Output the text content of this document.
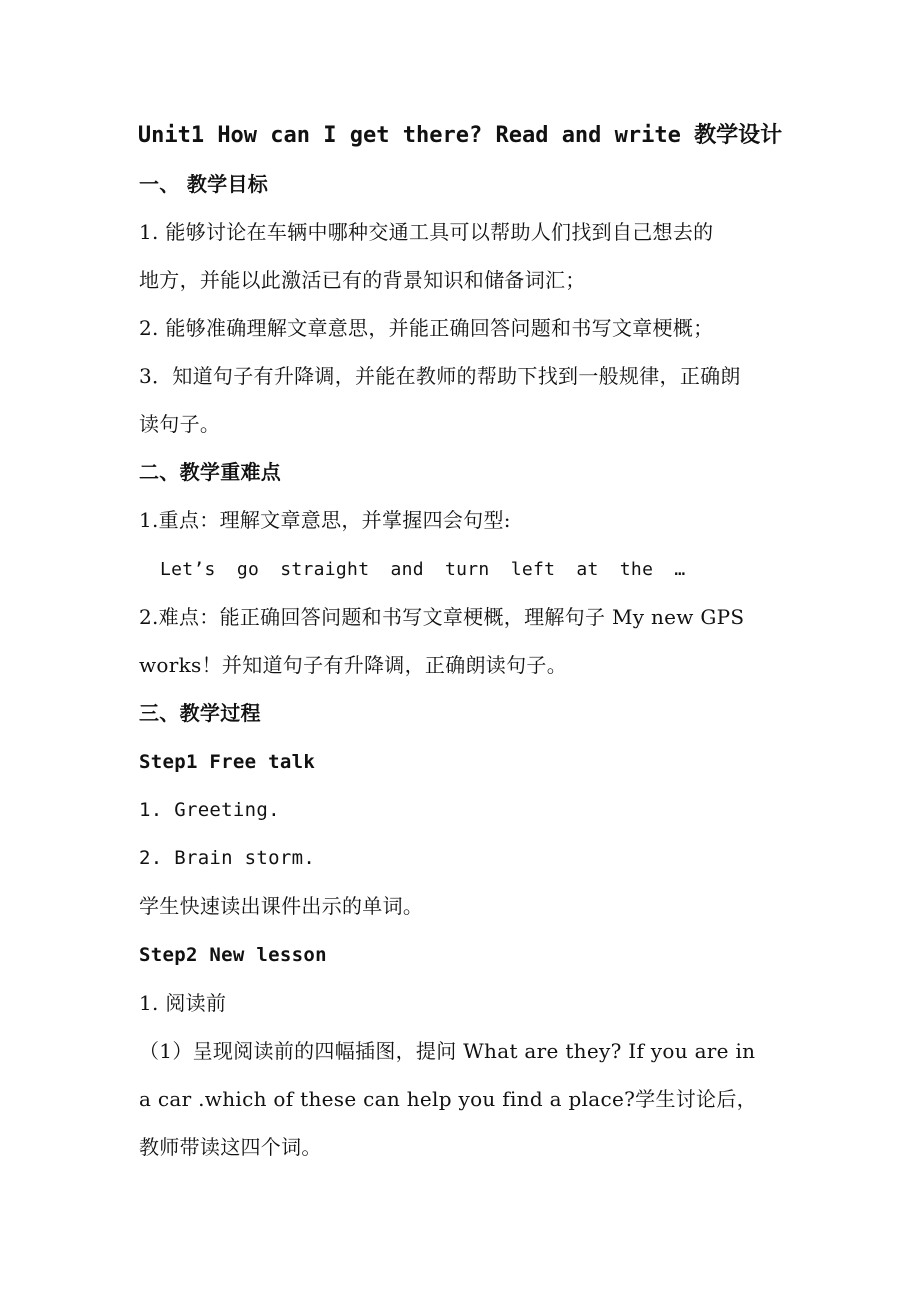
Unit1 How can I get there? Read and write 教学设计
一、 教学目标
1. 能够讨论在车辆中哪种交通工具可以帮助人们找到自己想去的
地方，并能以此激活已有的背景知识和储备词汇；
2. 能够准确理解文章意思，并能正确回答问题和书写文章梗概；
3．知道句子有升降调，并能在教师的帮助下找到一般规律，正确朗
读句子。
二、教学重难点
1.重点：理解文章意思，并掌握四会句型:
Let’s go straight and turn left at the …
2.难点：能正确回答问题和书写文章梗概，理解句子 My new GPS
works！并知道句子有升降调，正确朗读句子。
三、教学过程
Step1 Free talk
1. Greeting.
2. Brain storm.
学生快速读出课件出示的单词。
Step2 New lesson
1. 阅读前
（1）呈现阅读前的四幅插图，提问 What are they? If you are in
a car .which of these can help you find a place?学生讨论后，
教师带读这四个词。
